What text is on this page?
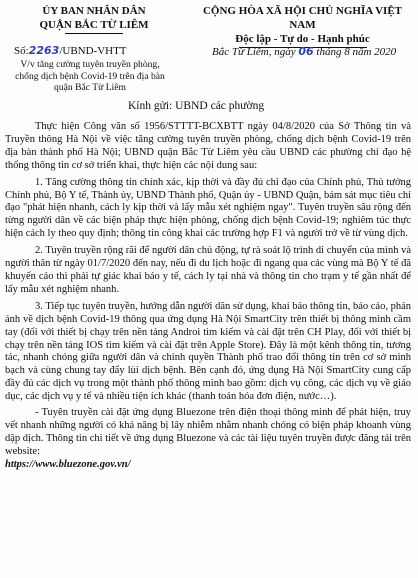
ỦY BAN NHÂN DÂN
QUẬN BẮC TỪ LIÊM
CỘNG HÒA XÃ HỘI CHỦ NGHĨA VIỆT NAM
Độc lập - Tự do - Hạnh phúc
Số:2263/UBND-VHTT
V/v tăng cường tuyên truyền phòng, chống dịch bệnh Covid-19 trên địa bàn quận Bắc Từ Liêm
Bắc Từ Liêm, ngày 06 tháng 8 năm 2020
Kính gửi: UBND các phường

Thực hiện Công văn số 1956/STTTT-BCXBTT ngày 04/8/2020 của Sở Thông tin và Truyền thông Hà Nội về việc tăng cường tuyên truyền phòng, chống dịch bệnh Covid-19 trên địa bàn thành phố Hà Nội; UBND quận Bắc Từ Liêm yêu cầu UBND các phường chỉ đạo hệ thống thông tin cơ sở triển khai, thực hiện các nội dung sau:

1. Tăng cường thông tin chính xác, kịp thời và đầy đủ chỉ đạo của Chính phủ, Thủ tướng Chính phủ, Bộ Y tế, Thành ủy, UBND Thành phố, Quận ủy - UBND Quận, bám sát mục tiêu chỉ đạo "phát hiện nhanh, cách ly kịp thời và lấy mẫu xét nghiệm ngay". Tuyên truyền sâu rộng đến từng người dân về các biện pháp thực hiện phòng, chống dịch bệnh Covid-19; nghiêm túc thực hiện cách ly theo quy định; thông tin công khai các trường hợp F1 và người trở về từ vùng dịch.

2. Tuyên truyền rộng rãi để người dân chủ động, tự rà soát lộ trình di chuyển của mình và người thân từ ngày 01/7/2020 đến nay, nếu đi du lịch hoặc đi ngang qua các vùng mà Bộ Y tế đã khuyến cáo thì phải tự giác khai báo y tế, cách ly tại nhà và thông tin cho trạm y tế gần nhất để lấy mẫu xét nghiệm nhanh.

3. Tiếp tục tuyên truyền, hướng dẫn người dân sử dụng, khai báo thông tin, báo cáo, phản ánh về dịch bệnh Covid-19 thông qua ứng dụng Hà Nội SmartCity trên thiết bị thông minh cầm tay (đối với thiết bị chạy trên nền tảng Androi tìm kiếm và cài đặt trên CH Play, đối với thiết bị chạy trên nền tảng IOS tìm kiếm và cài đặt trên Apple Store). Đây là một kênh thông tin, tương tác, nhanh chóng giữa người dân và chính quyền Thành phố trao đổi thông tin trên cơ sở minh bạch và cùng chung tay đẩy lùi dịch bệnh. Bên cạnh đó, ứng dụng Hà Nội SmartCity cung cấp đầy đủ các dịch vụ trong một thành phố thông minh bao gồm: dịch vụ công, các dịch vụ về giáo dục, các dịch vụ y tế và nhiều tiện ích khác (thanh toán hóa đơn điện, nước…).

- Tuyên truyền cài đặt ứng dụng Bluezone trên điện thoại thông minh để phát hiện, truy vết nhanh những người có khả năng bị lây nhiễm nhằm nhanh chóng có biện pháp khoanh vùng dập dịch. Thông tin chi tiết về ứng dụng Bluezone và các tài liệu tuyên truyền được đăng tải trên website:
https://www.bluezone.gov.vn/
